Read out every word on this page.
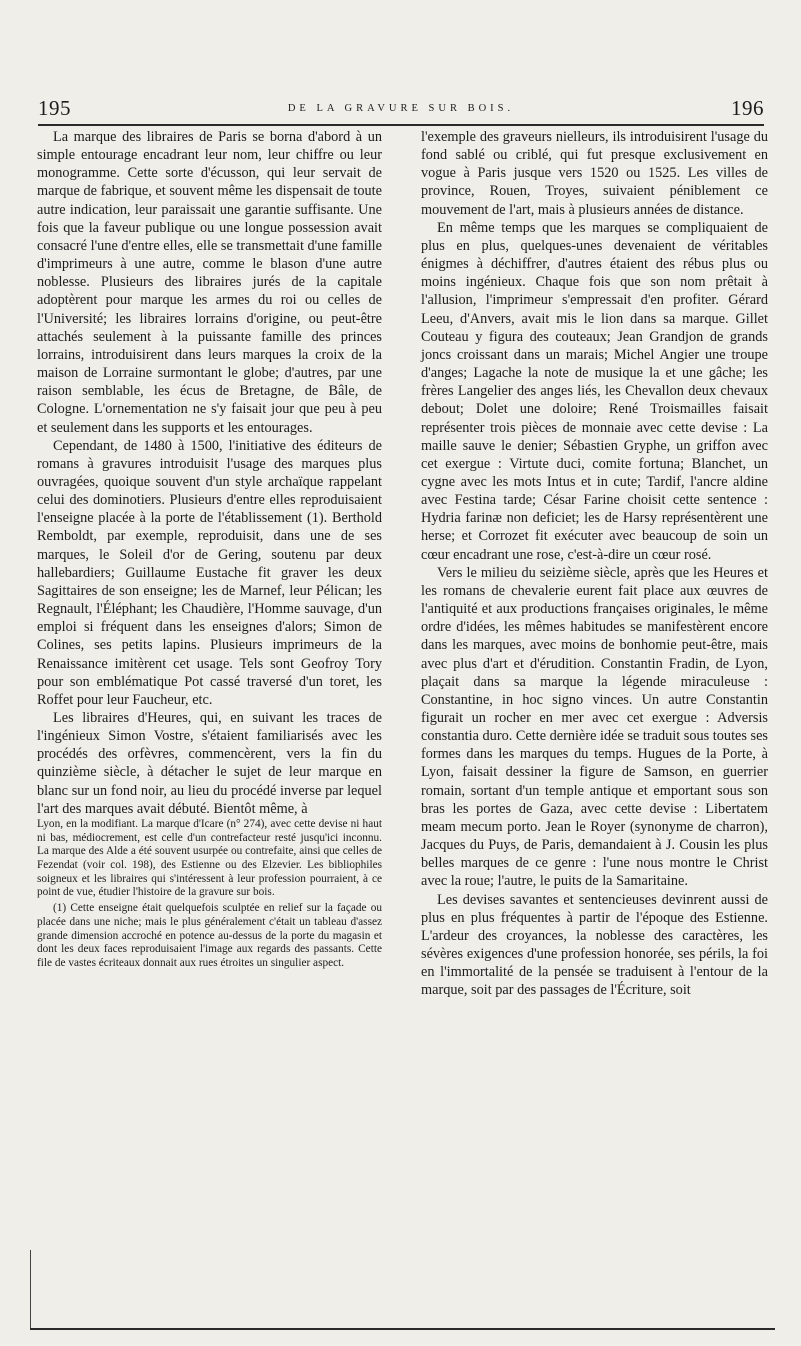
195	DE LA GRAVURE SUR BOIS.	196

La marque des libraires de Paris se borna d'abord à un simple entourage encadrant leur nom, leur chiffre ou leur monogramme. Cette sorte d'écusson, qui leur servait de marque de fabrique, et souvent même les dispensait de toute autre indication, leur paraissait une garantie suffisante. Une fois que la faveur publique ou une longue possession avait consacré l'une d'entre elles, elle se transmettait d'une famille d'imprimeurs à une autre, comme le blason d'une autre noblesse. Plusieurs des libraires jurés de la capitale adoptèrent pour marque les armes du roi ou celles de l'Université; les libraires lorrains d'origine, ou peut-être attachés seulement à la puissante famille des princes lorrains, introduisirent dans leurs marques la croix de la maison de Lorraine surmontant le globe; d'autres, par une raison semblable, les écus de Bretagne, de Bâle, de Cologne. L'ornementation ne s'y faisait jour que peu à peu et seulement dans les supports et les entourages.

Cependant, de 1480 à 1500, l'initiative des éditeurs de romans à gravures introduisit l'usage des marques plus ouvragées, quoique souvent d'un style archaïque rappelant celui des dominotiers. Plusieurs d'entre elles reproduisaient l'enseigne placée à la porte de l'établissement (1). Berthold Remboldt, par exemple, reproduisit, dans une de ses marques, le Soleil d'or de Gering, soutenu par deux hallebardiers; Guillaume Eustache fit graver les deux Sagittaires de son enseigne; les de Marnef, leur Pélican; les Regnault, l'Éléphant; les Chaudière, l'Homme sauvage, d'un emploi si fréquent dans les enseignes d'alors; Simon de Colines, ses petits lapins. Plusieurs imprimeurs de la Renaissance imitèrent cet usage. Tels sont Geofroy Tory pour son emblématique Pot cassé traversé d'un toret, les Roffet pour leur Faucheur, etc.

Les libraires d'Heures, qui, en suivant les traces de l'ingénieux Simon Vostre, s'étaient familiarisés avec les procédés des orfèvres, commencèrent, vers la fin du quinzième siècle, à détacher le sujet de leur marque en blanc sur un fond noir, au lieu du procédé inverse par lequel l'art des marques avait débuté. Bientôt même, à

Lyon, en la modifiant. La marque d'Icare (n° 274), avec cette devise ni haut ni bas, médiocrement, est celle d'un contrefacteur resté jusqu'ici inconnu. La marque des Alde a été souvent usurpée ou contrefaite, ainsi que celles de Fezendat (voir col. 198), des Estienne ou des Elzevier. Les bibliophiles soigneux et les libraires qui s'intéressent à leur profession pourraient, à ce point de vue, étudier l'histoire de la gravure sur bois.

(1) Cette enseigne était quelquefois sculptée en relief sur la façade ou placée dans une niche; mais le plus généralement c'était un tableau d'assez grande dimension accroché en potence au-dessus de la porte du magasin et dont les deux faces reproduisaient l'image aux regards des passants. Cette file de vastes écriteaux donnait aux rues étroites un singulier aspect.

l'exemple des graveurs nielleurs, ils introduisirent l'usage du fond sablé ou criblé, qui fut presque exclusivement en vogue à Paris jusque vers 1520 ou 1525. Les villes de province, Rouen, Troyes, suivaient péniblement ce mouvement de l'art, mais à plusieurs années de distance.

En même temps que les marques se compliquaient de plus en plus, quelques-unes devenaient de véritables énigmes à déchiffrer, d'autres étaient des rébus plus ou moins ingénieux. Chaque fois que son nom prêtait à l'allusion, l'imprimeur s'empressait d'en profiter. Gérard Leeu, d'Anvers, avait mis le lion dans sa marque. Gillet Couteau y figura des couteaux; Jean Grandjon de grands joncs croissant dans un marais; Michel Angier une troupe d'anges; Lagache la note de musique la et une gâche; les frères Langelier des anges liés, les Chevallon deux chevaux debout; Dolet une doloire; René Troismailles faisait représenter trois pièces de monnaie avec cette devise : La maille sauve le denier; Sébastien Gryphe, un griffon avec cet exergue : Virtute duci, comite fortuna; Blanchet, un cygne avec les mots Intus et in cute; Tardif, l'ancre aldine avec Festina tarde; César Farine choisit cette sentence : Hydria farinæ non deficiet; les de Harsy représentèrent une herse; et Corrozet fit exécuter avec beaucoup de soin un cœur encadrant une rose, c'est-à-dire un cœur rosé.

Vers le milieu du seizième siècle, après que les Heures et les romans de chevalerie eurent fait place aux œuvres de l'antiquité et aux productions françaises originales, le même ordre d'idées, les mêmes habitudes se manifestèrent encore dans les marques, avec moins de bonhomie peut-être, mais avec plus d'art et d'érudition. Constantin Fradin, de Lyon, plaçait dans sa marque la légende miraculeuse : Constantine, in hoc signo vinces. Un autre Constantin figurait un rocher en mer avec cet exergue : Adversis constantia duro. Cette dernière idée se traduit sous toutes ses formes dans les marques du temps. Hugues de la Porte, à Lyon, faisait dessiner la figure de Samson, en guerrier romain, sortant d'un temple antique et emportant sous son bras les portes de Gaza, avec cette devise : Libertatem meam mecum porto. Jean le Royer (synonyme de charron), Jacques du Puys, de Paris, demandaient à J. Cousin les plus belles marques de ce genre : l'une nous montre le Christ avec la roue; l'autre, le puits de la Samaritaine.

Les devises savantes et sentencieuses devinrent aussi de plus en plus fréquentes à partir de l'époque des Estienne. L'ardeur des croyances, la noblesse des caractères, les sévères exigences d'une profession honorée, ses périls, la foi en l'immortalité de la pensée se traduisent à l'entour de la marque, soit par des passages de l'Écriture, soit
